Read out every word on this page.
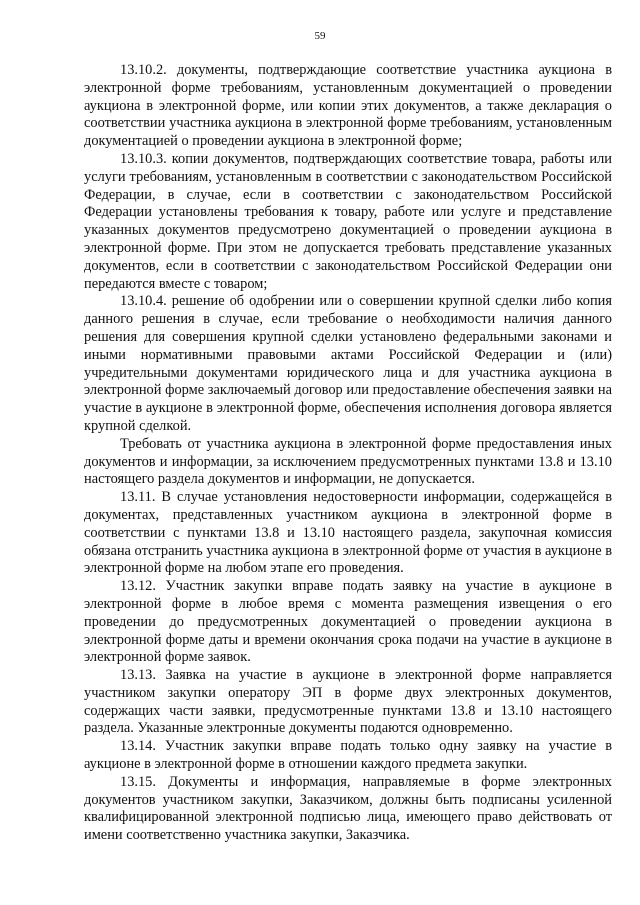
59

13.10.2. документы, подтверждающие соответствие участника аукциона в электронной форме требованиям, установленным документацией о проведении аукциона в электронной форме, или копии этих документов, а также декларация о соответствии участника аукциона в электронной форме требованиям, установленным документацией о проведении аукциона в электронной форме;

13.10.3. копии документов, подтверждающих соответствие товара, работы или услуги требованиям, установленным в соответствии с законодательством Российской Федерации, в случае, если в соответствии с законодательством Российской Федерации установлены требования к товару, работе или услуге и представление указанных документов предусмотрено документацией о проведении аукциона в электронной форме. При этом не допускается требовать представление указанных документов, если в соответствии с законодательством Российской Федерации они передаются вместе с товаром;

13.10.4. решение об одобрении или о совершении крупной сделки либо копия данного решения в случае, если требование о необходимости наличия данного решения для совершения крупной сделки установлено федеральными законами и иными нормативными правовыми актами Российской Федерации и (или) учредительными документами юридического лица и для участника аукциона в электронной форме заключаемый договор или предоставление обеспечения заявки на участие в аукционе в электронной форме, обеспечения исполнения договора является крупной сделкой.

Требовать от участника аукциона в электронной форме предоставления иных документов и информации, за исключением предусмотренных пунктами 13.8 и 13.10 настоящего раздела документов и информации, не допускается.

13.11. В случае установления недостоверности информации, содержащейся в документах, представленных участником аукциона в электронной форме в соответствии с пунктами 13.8 и 13.10 настоящего раздела, закупочная комиссия обязана отстранить участника аукциона в электронной форме от участия в аукционе в электронной форме на любом этапе его проведения.

13.12. Участник закупки вправе подать заявку на участие в аукционе в электронной форме в любое время с момента размещения извещения о его проведении до предусмотренных документацией о проведении аукциона в электронной форме даты и времени окончания срока подачи на участие в аукционе в электронной форме заявок.

13.13. Заявка на участие в аукционе в электронной форме направляется участником закупки оператору ЭП в форме двух электронных документов, содержащих части заявки, предусмотренные пунктами 13.8 и 13.10 настоящего раздела. Указанные электронные документы подаются одновременно.

13.14. Участник закупки вправе подать только одну заявку на участие в аукционе в электронной форме в отношении каждого предмета закупки.

13.15. Документы и информация, направляемые в форме электронных документов участником закупки, Заказчиком, должны быть подписаны усиленной квалифицированной электронной подписью лица, имеющего право действовать от имени соответственно участника закупки, Заказчика.
